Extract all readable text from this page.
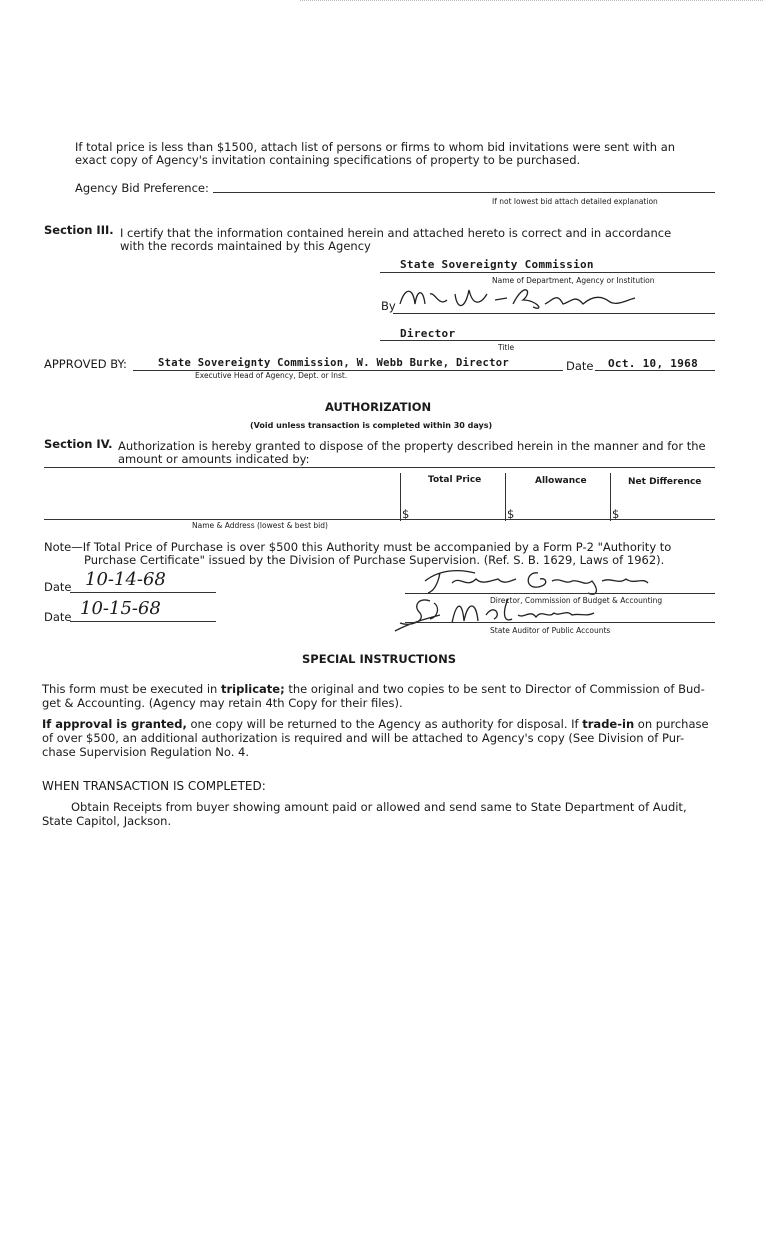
If total price is less than $1500, attach list of persons or firms to whom bid invitations were sent with an
exact copy of Agency's invitation containing specifications of property to be purchased.
Agency Bid Preference:
If not lowest bid attach detailed explanation
Section III. I certify that the information contained herein and attached hereto is correct and in accordance
with the records maintained by this Agency
State Sovereignty Commission
Name of Department, Agency or Institution
By
Director
Title
APPROVED BY:	State Sovereignty Commission, W. Webb Burke, Director
Executive Head of Agency, Dept. or Inst.
Date Oct. 10, 1968
AUTHORIZATION
(Void unless transaction is completed within 30 days)
Section IV. Authorization is hereby granted to dispose of the property described herein in the manner and for the
amount or amounts indicated by:
Total Price	Allowance	Net Difference
$	$	$
Name & Address (lowest & best bid)
Note—If Total Price of Purchase is over $500 this Authority must be accompanied by a Form P-2 "Authority to
Purchase Certificate" issued by the Division of Purchase Supervision. (Ref. S. B. 1629, Laws of 1962).
Date 10-14-68
Date 10-15-68	Director, Commission of Budget & Accounting
State Auditor of Public Accounts
SPECIAL INSTRUCTIONS
This form must be executed in triplicate; the original and two copies to be sent to Director of Commission of Bud-
get & Accounting. (Agency may retain 4th Copy for their files).
If approval is granted, one copy will be returned to the Agency as authority for disposal. If trade-in on purchase
of over $500, an additional authorization is required and will be attached to Agency's copy (See Division of Pur-
chase Supervision Regulation No. 4.
WHEN TRANSACTION IS COMPLETED:
Obtain Receipts from buyer showing amount paid or allowed and send same to State Department of Audit,
State Capitol, Jackson.
